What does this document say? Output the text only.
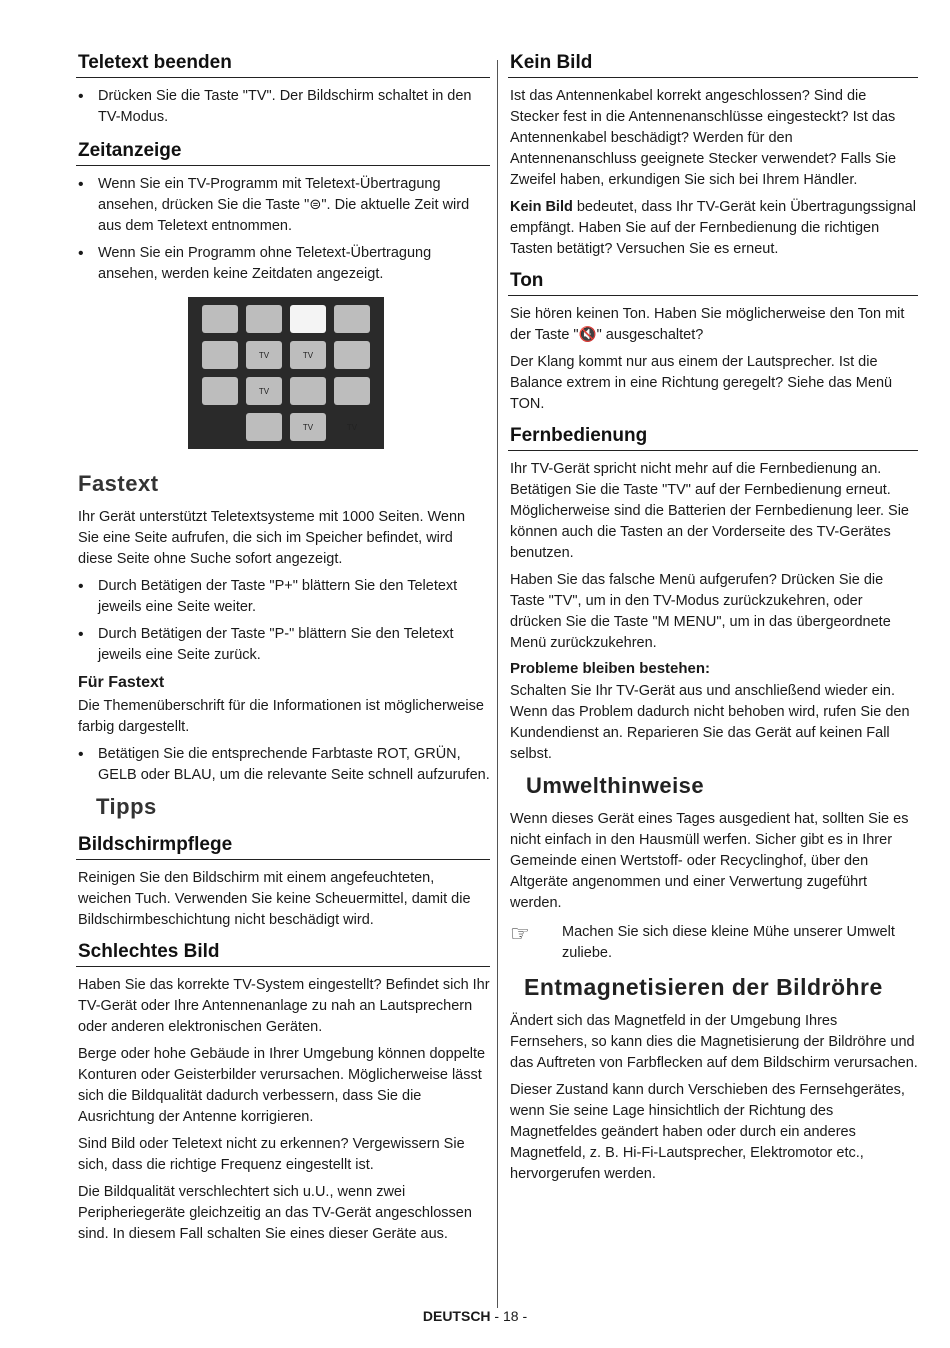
Teletext beenden
• Drücken Sie die Taste "TV". Der Bildschirm schaltet in den TV-Modus.
Zeitanzeige
• Wenn Sie ein TV-Programm mit Teletext-Übertragung ansehen, drücken Sie die Taste "⊜". Die aktuelle Zeit wird aus dem Teletext entnommen.
• Wenn Sie ein Programm ohne Teletext-Übertragung ansehen, werden keine Zeitdaten angezeigt.
TV	TV
TV
TV	TV
Fastext

Ihr Gerät unterstützt Teletextsysteme mit 1000 Seiten. Wenn Sie eine Seite aufrufen, die sich im Speicher befindet, wird diese Seite ohne Suche sofort angezeigt.

• Durch Betätigen der Taste "P+" blättern Sie den Teletext jeweils eine Seite weiter.
• Durch Betätigen der Taste "P-" blättern Sie den Teletext jeweils eine Seite zurück.
Für Fastext

Die Themenüberschrift für die Informationen ist möglicherweise farbig dargestellt.

• Betätigen Sie die entsprechende Farbtaste ROT, GRÜN, GELB oder BLAU, um die relevante Seite schnell aufzurufen.
Tipps
Bildschirmpflege

Reinigen Sie den Bildschirm mit einem angefeuchteten, weichen Tuch. Verwenden Sie keine Scheuermittel, damit die Bildschirmbeschichtung nicht beschädigt wird.

Schlechtes Bild

Haben Sie das korrekte TV-System eingestellt? Befindet sich Ihr TV-Gerät oder Ihre Antennenanlage zu nah an Lautsprechern oder anderen elektronischen Geräten.

Berge oder hohe Gebäude in Ihrer Umgebung können doppelte Konturen oder Geisterbilder verursachen. Möglicherweise lässt sich die Bildqualität dadurch verbessern, dass Sie die Ausrichtung der Antenne korrigieren.

Sind Bild oder Teletext nicht zu erkennen? Vergewissern Sie sich, dass die richtige Frequenz eingestellt ist.

Die Bildqualität verschlechtert sich u.U., wenn zwei Peripheriegeräte gleichzeitig an das TV-Gerät angeschlossen sind. In diesem Fall schalten Sie eines dieser Geräte aus.

Kein Bild

Ist das Antennenkabel korrekt angeschlossen? Sind die Stecker fest in die Antennenanschlüsse eingesteckt? Ist das Antennenkabel beschädigt? Werden für den Antennenanschluss geeignete Stecker verwendet? Falls Sie Zweifel haben, erkundigen Sie sich bei Ihrem Händler.

Kein Bild bedeutet, dass Ihr TV-Gerät kein Übertragungssignal empfängt. Haben Sie auf der Fernbedienung die richtigen Tasten betätigt? Versuchen Sie es erneut.

Ton

Sie hören keinen Ton. Haben Sie möglicherweise den Ton mit der Taste "🔇" ausgeschaltet?

Der Klang kommt nur aus einem der Lautsprecher. Ist die Balance extrem in eine Richtung geregelt? Siehe das Menü TON.

Fernbedienung

Ihr TV-Gerät spricht nicht mehr auf die Fernbedienung an. Betätigen Sie die Taste "TV" auf der Fernbedienung erneut. Möglicherweise sind die Batterien der Fernbedienung leer. Sie können auch die Tasten an der Vorderseite des TV-Gerätes benutzen.

Haben Sie das falsche Menü aufgerufen? Drücken Sie die Taste "TV", um in den TV-Modus zurückzukehren, oder drücken Sie die Taste "M MENU", um in das übergeordnete Menü zurückzukehren.

Probleme bleiben bestehen:

Schalten Sie Ihr TV-Gerät aus und anschließend wieder ein. Wenn das Problem dadurch nicht behoben wird, rufen Sie den Kundendienst an. Reparieren Sie das Gerät auf keinen Fall selbst.

Umwelthinweise

Wenn dieses Gerät eines Tages ausgedient hat, sollten Sie es nicht einfach in den Hausmüll werfen. Sicher gibt es in Ihrer Gemeinde einen Wertstoff- oder Recyclinghof, über den Altgeräte angenommen und einer Verwertung zugeführt werden.

☞	Machen Sie sich diese kleine Mühe unserer Umwelt zuliebe.

Entmagnetisieren der Bildröhre

Ändert sich das Magnetfeld in der Umgebung Ihres Fernsehers, so kann dies die Magnetisierung der Bildröhre und das Auftreten von Farbflecken auf dem Bildschirm verursachen.

Dieser Zustand kann durch Verschieben des Fernsehgerätes, wenn Sie seine Lage hinsichtlich der Richtung des Magnetfeldes geändert haben oder durch ein anderes Magnetfeld, z. B. Hi-Fi-Lautsprecher, Elektromotor etc., hervorgerufen werden.

DEUTSCH - 18 -
